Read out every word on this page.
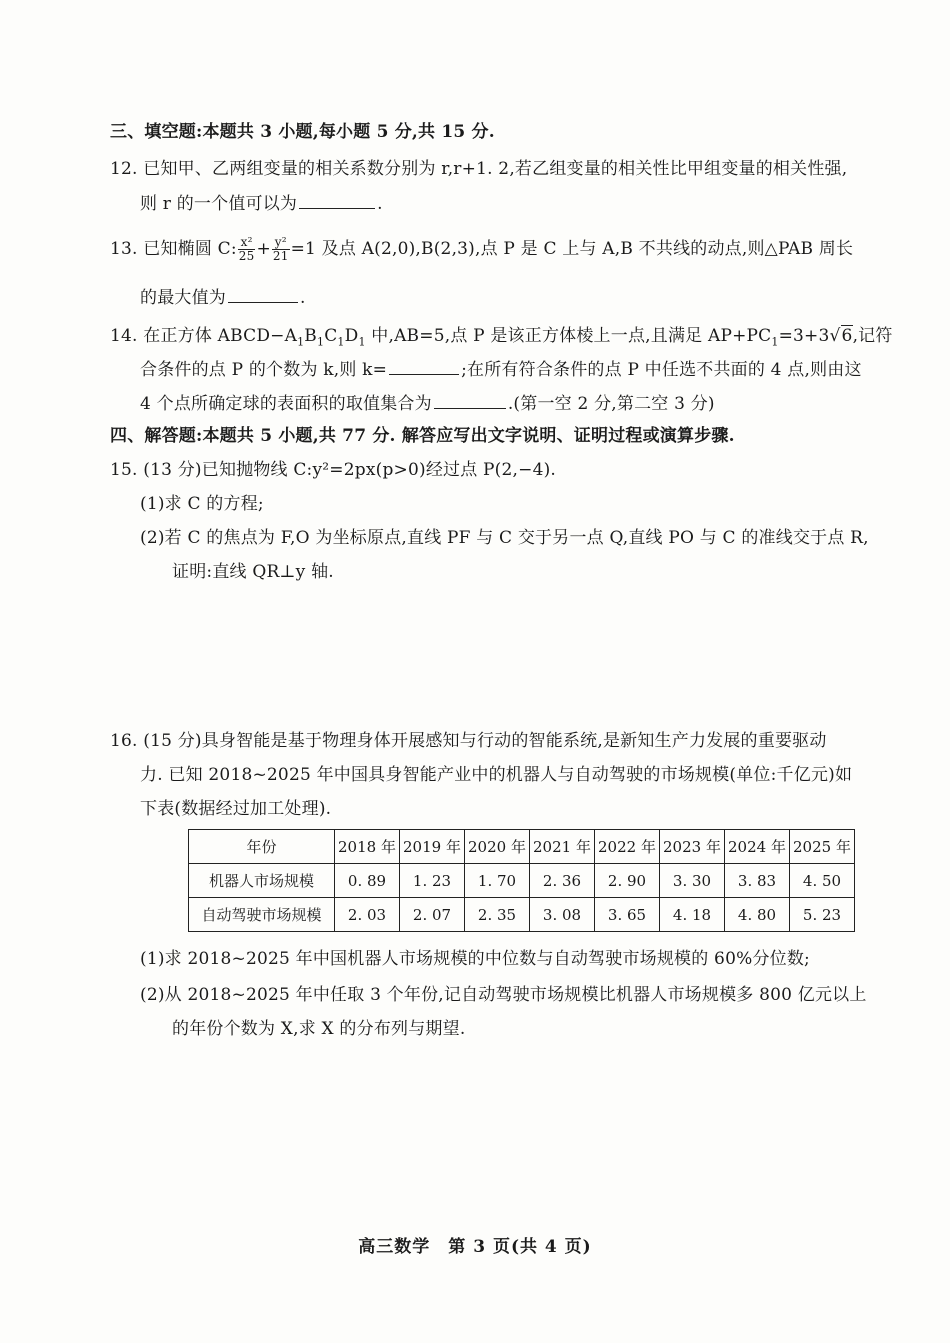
三、填空题:本题共 3 小题,每小题 5 分,共 15 分.
12. 已知甲、乙两组变量的相关系数分别为 r,r+1. 2,若乙组变量的相关性比甲组变量的相关性强,
则 r 的一个值可以为	.
13. 已知椭圆 C: $\frac{\text{x²}}{25} + \frac{\text{y²}}{21} =1$ 及点 A(2,0),B(2,3),点 P 是 C 上与 A,B 不共线的动点,则△PAB 周长
的最大值为	.
14. 在正方体 $ABCD-A_1B_1C_1D_1$ 中,AB=5,点 P 是该正方体棱上一点,且满足 $AP+PC_1=3+3√6$,记符
合条件的点 P 的个数为 k,则 k=	;在所有符合条件的点 P 中任选不共面的 4 点,则由这
4 个点所确定球的表面积的取值集合为	.(第一空 2 分,第二空 3 分)
四、解答题:本题共 5 小题,共 77 分. 解答应写出文字说明、证明过程或演算步骤.
15. (13 分)已知抛物线 C:y²=2px(p>0)经过点 P(2,−4).
(1)求 C 的方程;
(2)若 C 的焦点为 F,O 为坐标原点,直线 PF 与 C 交于另一点 Q,直线 PO 与 C 的准线交于点 R,
证明:直线 QR⊥y 轴.
16. (15 分)具身智能是基于物理身体开展感知与行动的智能系统,是新知生产力发展的重要驱动
力. 已知 2018~2025 年中国具身智能产业中的机器人与自动驾驶的市场规模(单位:千亿元)如
下表(数据经过加工处理).
年份	2018 年	2019 年	2020 年	2021 年	2022 年	2023 年	2024 年	2025 年
机器人市场规模	0. 89	1. 23	1. 70	2. 36	2. 90	3. 30	3. 83	4. 50
自动驾驶市场规模	2. 03	2. 07	2. 35	3. 08	3. 65	4. 18	4. 80	5. 23
(1)求 2018~2025 年中国机器人市场规模的中位数与自动驾驶市场规模的 60%分位数;
(2)从 2018~2025 年中任取 3 个年份,记自动驾驶市场规模比机器人市场规模多 800 亿元以上
的年份个数为 X,求 X 的分布列与期望.
高三数学　第 3 页(共 4 页)
